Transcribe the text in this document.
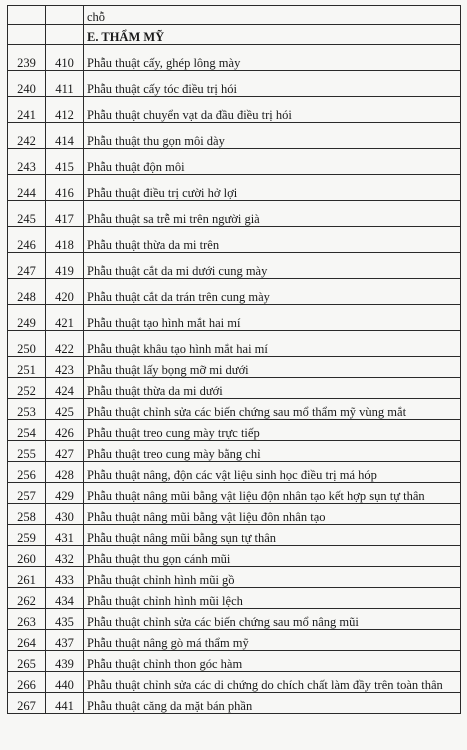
		chỗ
		E. THẨM MỸ
239	410	Phẫu thuật cấy, ghép lông mày
240	411	Phẫu thuật cấy tóc điều trị hói
241	412	Phẫu thuật chuyển vạt da đầu điều trị hói
242	414	Phẫu thuật thu gọn môi dày
243	415	Phẫu thuật độn môi
244	416	Phẫu thuật điều trị cười hở lợi
245	417	Phẫu thuật sa trễ mi trên người già
246	418	Phẫu thuật thừa da mi trên
247	419	Phẫu thuật cắt da mi dưới cung mày
248	420	Phẫu thuật cắt da trán trên cung mày
249	421	Phẫu thuật tạo hình mắt hai mí
250	422	Phẫu thuật khâu tạo hình mắt hai mí
251	423	Phẫu thuật lấy bọng mỡ mi dưới
252	424	Phẫu thuật thừa da mi dưới
253	425	Phẫu thuật chỉnh sửa các biến chứng sau mổ thẩm mỹ vùng mắt
254	426	Phẫu thuật treo cung mày trực tiếp
255	427	Phẫu thuật treo cung mày bằng chỉ
256	428	Phẫu thuật nâng, độn các vật liệu sinh học điều trị má hóp
257	429	Phẫu thuật nâng mũi bằng vật liệu độn nhân tạo kết hợp sụn tự thân
258	430	Phẫu thuật nâng mũi bằng vật liệu đôn nhân tạo
259	431	Phẫu thuật nâng mũi bằng sụn tự thân
260	432	Phẫu thuật thu gọn cánh mũi
261	433	Phẫu thuật chỉnh hình mũi gồ
262	434	Phẫu thuật chỉnh hình mũi lệch
263	435	Phẫu thuật chỉnh sửa các biến chứng sau mổ nâng mũi
264	437	Phẫu thuật nâng gò má thẩm mỹ
265	439	Phẫu thuật chỉnh thon góc hàm
266	440	Phẫu thuật chỉnh sửa các di chứng do chích chất làm đầy trên toàn thân
267	441	Phẫu thuật căng da mặt bán phần
